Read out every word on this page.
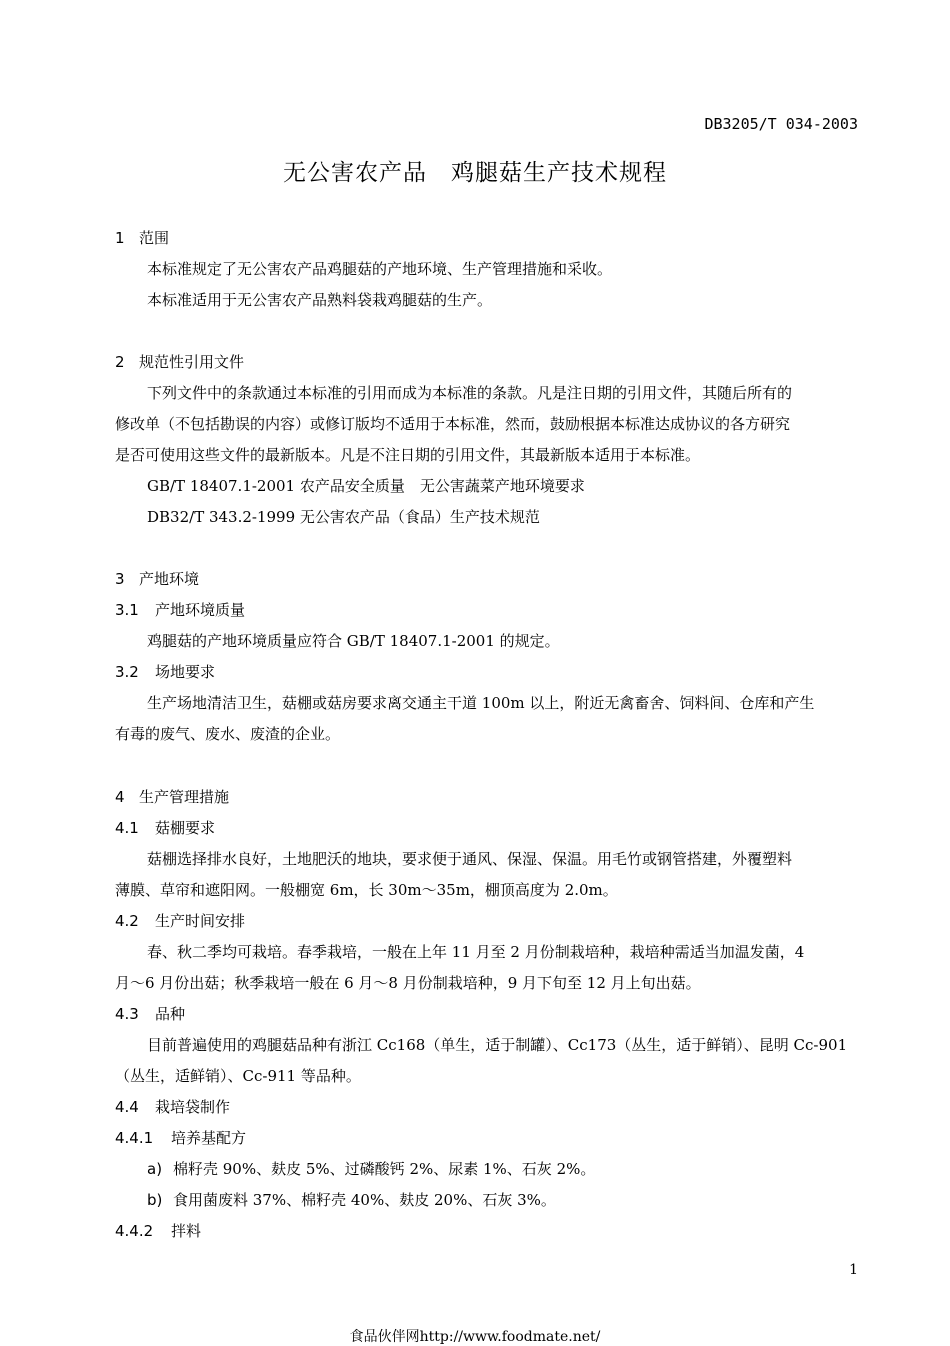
DB3205/T 034-2003
无公害农产品 鸡腿菇生产技术规程
1 范围
本标准规定了无公害农产品鸡腿菇的产地环境、生产管理措施和采收。
本标准适用于无公害农产品熟料袋栽鸡腿菇的生产。
2 规范性引用文件
下列文件中的条款通过本标准的引用而成为本标准的条款。凡是注日期的引用文件，其随后所有的
修改单（不包括勘误的内容）或修订版均不适用于本标准，然而，鼓励根据本标准达成协议的各方研究
是否可使用这些文件的最新版本。凡是不注日期的引用文件，其最新版本适用于本标准。
GB/T 18407.1-2001 农产品安全质量　无公害蔬菜产地环境要求
DB32/T 343.2-1999 无公害农产品（食品）生产技术规范
3 产地环境
3.1 产地环境质量
鸡腿菇的产地环境质量应符合 GB/T 18407.1-2001 的规定。
3.2 场地要求
生产场地清洁卫生，菇棚或菇房要求离交通主干道 100m 以上，附近无禽畜舍、饲料间、仓库和产生
有毒的废气、废水、废渣的企业。
4 生产管理措施
4.1 菇棚要求
菇棚选择排水良好，土地肥沃的地块，要求便于通风、保湿、保温。用毛竹或钢管搭建，外覆塑料
薄膜、草帘和遮阳网。一般棚宽 6m，长 30m～35m，棚顶高度为 2.0m。
4.2 生产时间安排
春、秋二季均可栽培。春季栽培，一般在上年 11 月至 2 月份制栽培种，栽培种需适当加温发菌，4
月～6 月份出菇；秋季栽培一般在 6 月～8 月份制栽培种，9 月下旬至 12 月上旬出菇。
4.3 品种
目前普遍使用的鸡腿菇品种有浙江 Cc168（单生，适于制罐）、Cc173（丛生，适于鲜销）、昆明 Cc-901
（丛生，适鲜销）、Cc-911 等品种。
4.4 栽培袋制作
4.4.1 培养基配方
a) 棉籽壳 90%、麸皮 5%、过磷酸钙 2%、尿素 1%、石灰 2%。
b) 食用菌废料 37%、棉籽壳 40%、麸皮 20%、石灰 3%。
4.4.2 拌料
1
食品伙伴网http://www.foodmate.net/
